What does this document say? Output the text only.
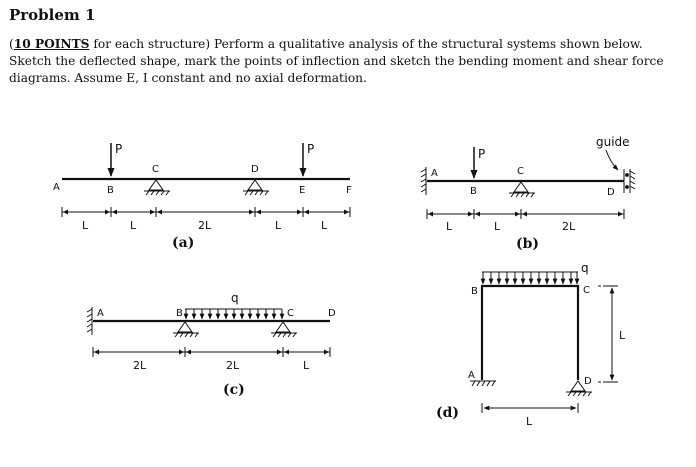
Problem 1
(10 POINTS for each structure) Perform a qualitative analysis of the structural systems shown below. Sketch the deflected shape, mark the points of inflection and sketch the bending moment and shear force diagrams. Assume E, I constant and no axial deformation.
A	B
C	D
E	F
P	P
L	L	2L	L	L
(a)
A
B
C
D
P
guide
L	L	2L
(b)
A	B	C	D
q
2L	2L	L
(c)
A
B	C
D
q
L
L
(d)
